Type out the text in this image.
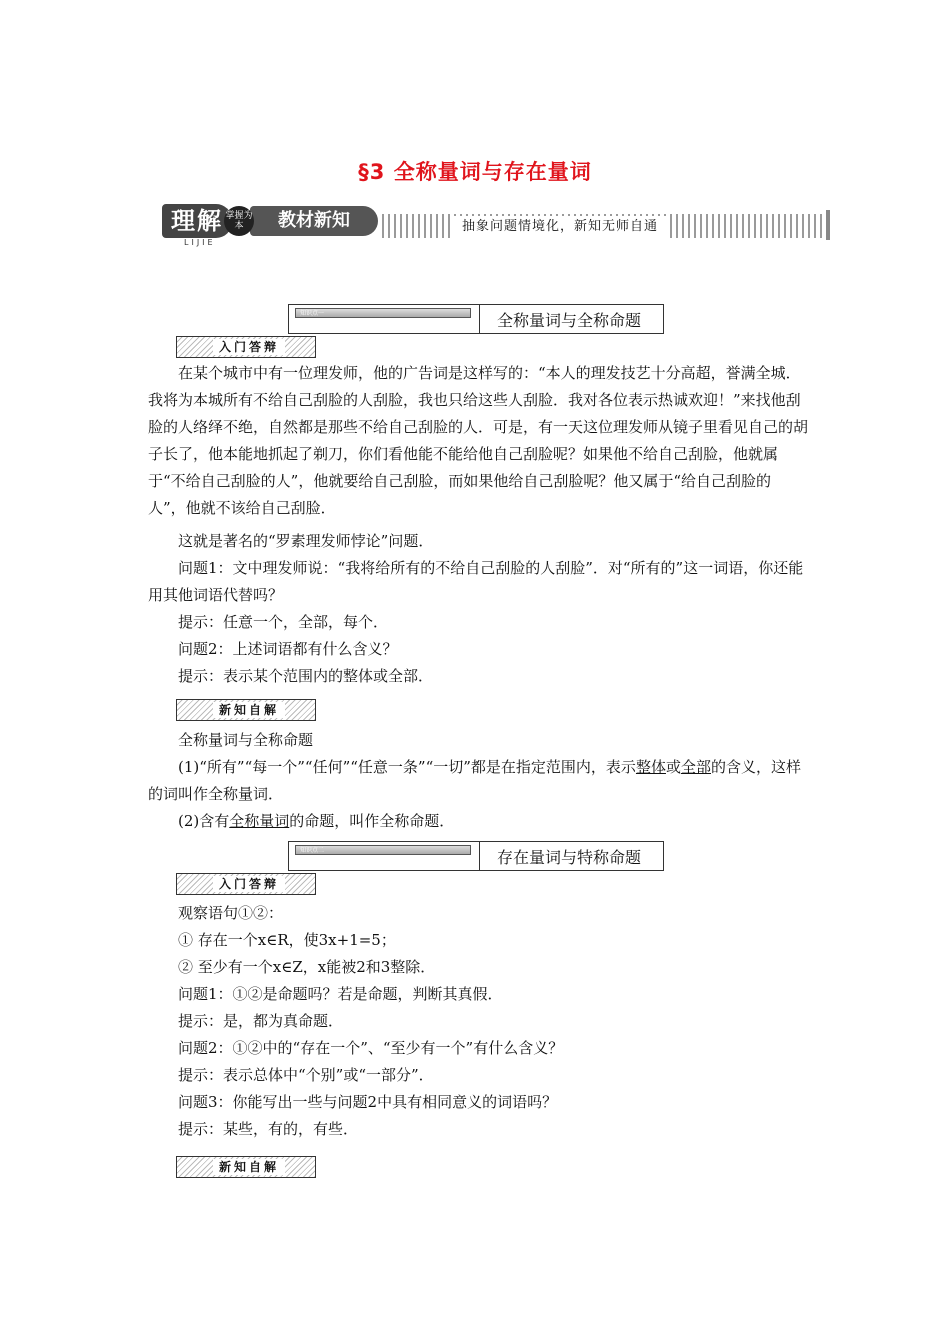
§3 全称量词与存在量词
理解
LIJIE
教材新知
掌握为本	抽象问题情境化，新知无师自通
知识点一	全称量词与全称命题
入门答辩

在某个城市中有一位理发师，他的广告词是这样写的：“本人的理发技艺十分高超，誉满全城．我将为本城所有不给自己刮脸的人刮脸，我也只给这些人刮脸．我对各位表示热诚欢迎！”来找他刮脸的人络绎不绝，自然都是那些不给自己刮脸的人．可是，有一天这位理发师从镜子里看见自己的胡子长了，他本能地抓起了剃刀，你们看他能不能给他自己刮脸呢？如果他不给自己刮脸，他就属于“不给自己刮脸的人”，他就要给自己刮脸，而如果他给自己刮脸呢？他又属于“给自己刮脸的人”，他就不该给自己刮脸．

这就是著名的“罗素理发师悖论”问题．

问题1：文中理发师说：“我将给所有的不给自己刮脸的人刮脸”．对“所有的”这一词语，你还能用其他词语代替吗？

提示：任意一个，全部，每个．

问题2：上述词语都有什么含义？

提示：表示某个范围内的整体或全部．

新知自解

全称量词与全称命题

(1)“所有”“每一个”“任何”“任意一条”“一切”都是在指定范围内，表示整体或全部的含义，这样的词叫作全称量词．

(2)含有全称量词的命题，叫作全称命题．

知识点二	存在量词与特称命题
入门答辩

观察语句①②：

① 存在一个x∈R，使3x+1=5；

② 至少有一个x∈Z，x能被2和3整除．

问题1：①②是命题吗？若是命题，判断其真假．

提示：是，都为真命题．

问题2：①②中的“存在一个”、“至少有一个”有什么含义？

提示：表示总体中“个别”或“一部分”．

问题3：你能写出一些与问题2中具有相同意义的词语吗？

提示：某些，有的，有些．

新知自解
